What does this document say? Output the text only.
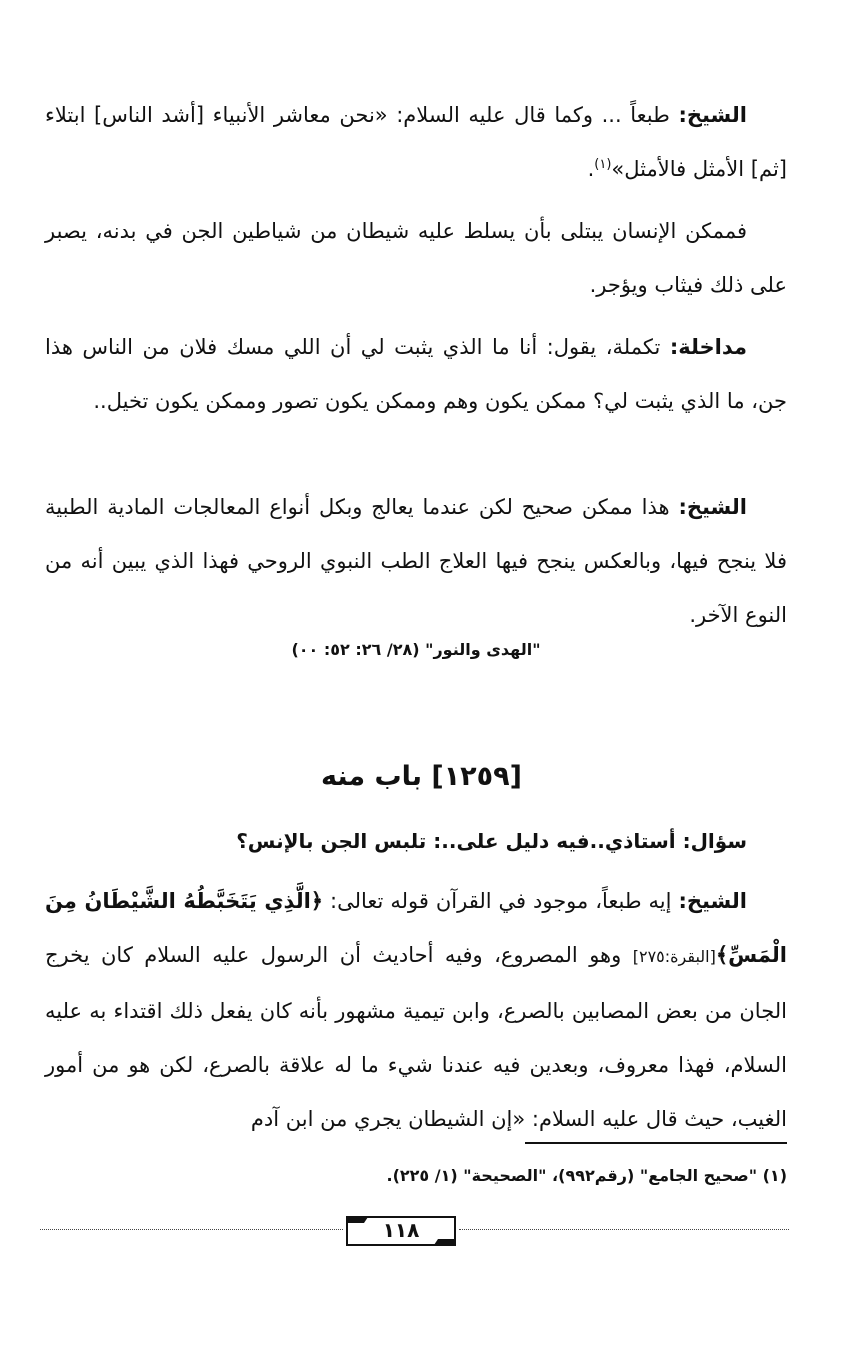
الشيخ: طبعاً ... وكما قال عليه السلام: «نحن معاشر الأنبياء [أشد الناس] ابتلاء [ثم] الأمثل فالأمثل»$^{(١)}$.

فممكن الإنسان يبتلى بأن يسلط عليه شيطان من شياطين الجن في بدنه، يصبر على ذلك فيثاب ويؤجر.

مداخلة: تكملة، يقول: أنا ما الذي يثبت لي أن اللي مسك فلان من الناس هذا جن، ما الذي يثبت لي؟ ممكن يكون وهم وممكن يكون تصور وممكن يكون تخيل..

الشيخ: هذا ممكن صحيح لكن عندما يعالج وبكل أنواع المعالجات المادية الطبية فلا ينجح فيها، وبالعكس ينجح فيها العلاج الطب النبوي الروحي فهذا الذي يبين أنه من النوع الآخر.

"الهدى والنور" (٢٨/ ٢٦: ٥٢: ٠٠)
[١٢٥٩] باب منه

سؤال: أستاذي..فيه دليل على..: تلبس الجن بالإنس؟

الشيخ: إيه طبعاً، موجود في القرآن قوله تعالى: ﴿الَّذِي يَتَخَبَّطُهُ الشَّيْطَانُ مِنَ الْمَسِّ﴾[البقرة:٢٧٥] وهو المصروع، وفيه أحاديث أن الرسول عليه السلام كان يخرج الجان من بعض المصابين بالصرع، وابن تيمية مشهور بأنه كان يفعل ذلك اقتداء به عليه السلام، فهذا معروف، وبعدين فيه عندنا شيء ما له علاقة بالصرع، لكن هو من أمور الغيب، حيث قال عليه السلام: «إن الشيطان يجري من ابن آدم

(١) "صحيح الجامع" (رقم٩٩٢)، "الصحيحة" (١/ ٢٢٥).
١١٨
